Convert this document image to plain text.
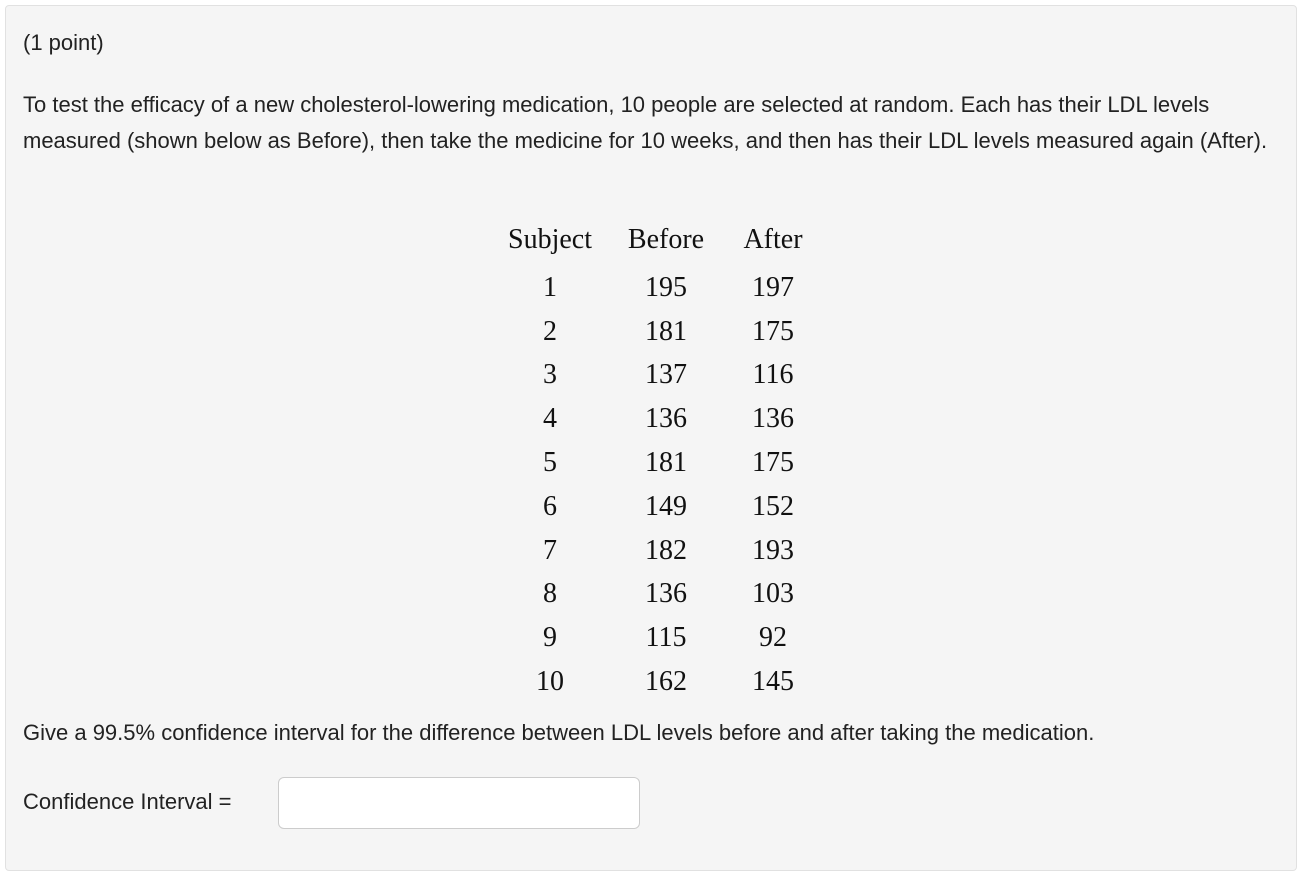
(1 point)

To test the efficacy of a new cholesterol-lowering medication, 10 people are selected at random. Each has their LDL levels measured (shown below as Before), then take the medicine for 10 weeks, and then has their LDL levels measured again (After).

Subject	Before	After
1	195	197
2	181	175
3	137	116
4	136	136
5	181	175
6	149	152
7	182	193
8	136	103
9	115	92
10	162	145

Give a 99.5% confidence interval for the difference between LDL levels before and after taking the medication.

Confidence Interval =
